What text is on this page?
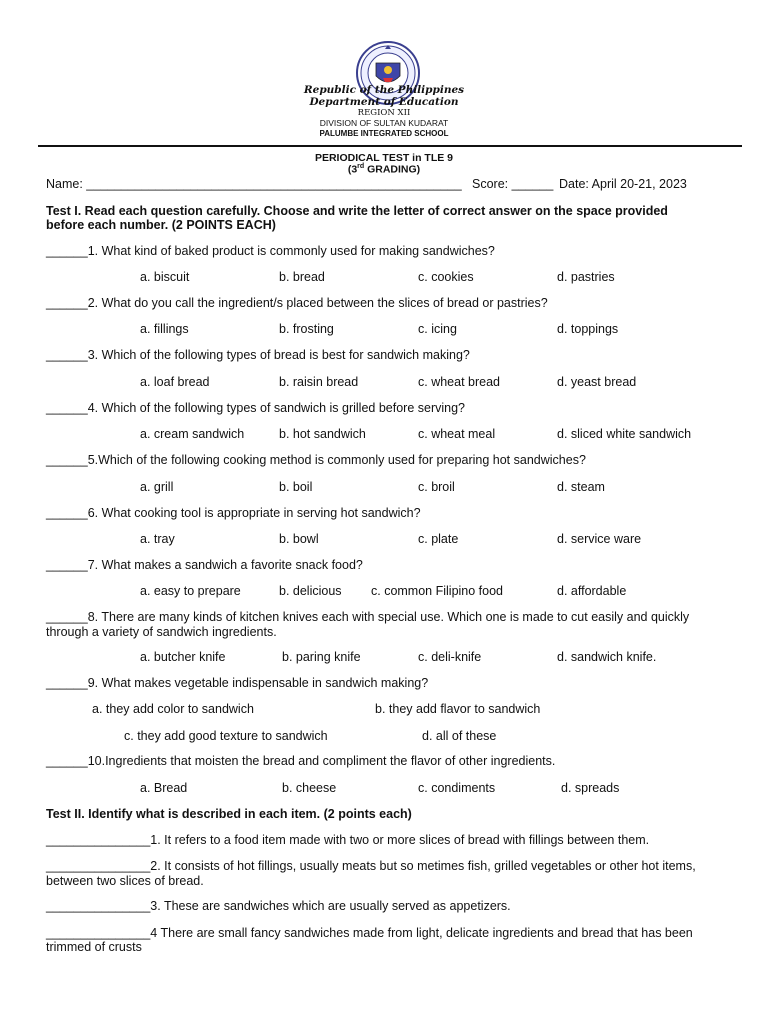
Republic of the Philippines
Department of Education
REGION XII
DIVISION OF SULTAN KUDARAT
PALUMBE INTEGRATED SCHOOL
PERIODICAL TEST in TLE 9
(3rd GRADING)
Name: ______________________________________________________ Score: ______ Date: April 20-21, 2023
Test I. Read each question carefully. Choose and write the letter of correct answer on the space provided
before each number. (2 POINTS EACH)
______1. What kind of baked product is commonly used for making sandwiches?
a. biscuit	b. bread	c. cookies	d. pastries
______2. What do you call the ingredient/s placed between the slices of bread or pastries?
a. fillings	b. frosting	c. icing	d. toppings
______3. Which of the following types of bread is best for sandwich making?
a. loaf bread	b. raisin bread	c. wheat bread	d. yeast bread
______4. Which of the following types of sandwich is grilled before serving?
a. cream sandwich	b. hot sandwich	c. wheat meal	d. sliced white sandwich
______5.Which of the following cooking method is commonly used for preparing hot sandwiches?
a. grill	b. boil	c. broil	d. steam
______6. What cooking tool is appropriate in serving hot sandwich?
a. tray	b. bowl	c. plate	d. service ware
______7. What makes a sandwich a favorite snack food?
a. easy to prepare	b. delicious c. common Filipino food	d. affordable
______8. There are many kinds of kitchen knives each with special use. Which one is made to cut easily and quickly
through a variety of sandwich ingredients.
a. butcher knife	b. paring knife	c. deli-knife	d. sandwich knife.
______9. What makes vegetable indispensable in sandwich making?
a. they add color to sandwich	b. they add flavor to sandwich
c. they add good texture to sandwich	d. all of these
______10.Ingredients that moisten the bread and compliment the flavor of other ingredients.
a. Bread	b. cheese	c. condiments	d. spreads
Test II. Identify what is described in each item. (2 points each)
_______________1. It refers to a food item made with two or more slices of bread with fillings between them.
_______________2. It consists of hot fillings, usually meats but so metimes fish, grilled vegetables or other hot items,
between two slices of bread.
_______________3. These are sandwiches which are usually served as appetizers.
_______________4 There are small fancy sandwiches made from light, delicate ingredients and bread that has been
trimmed of crusts
